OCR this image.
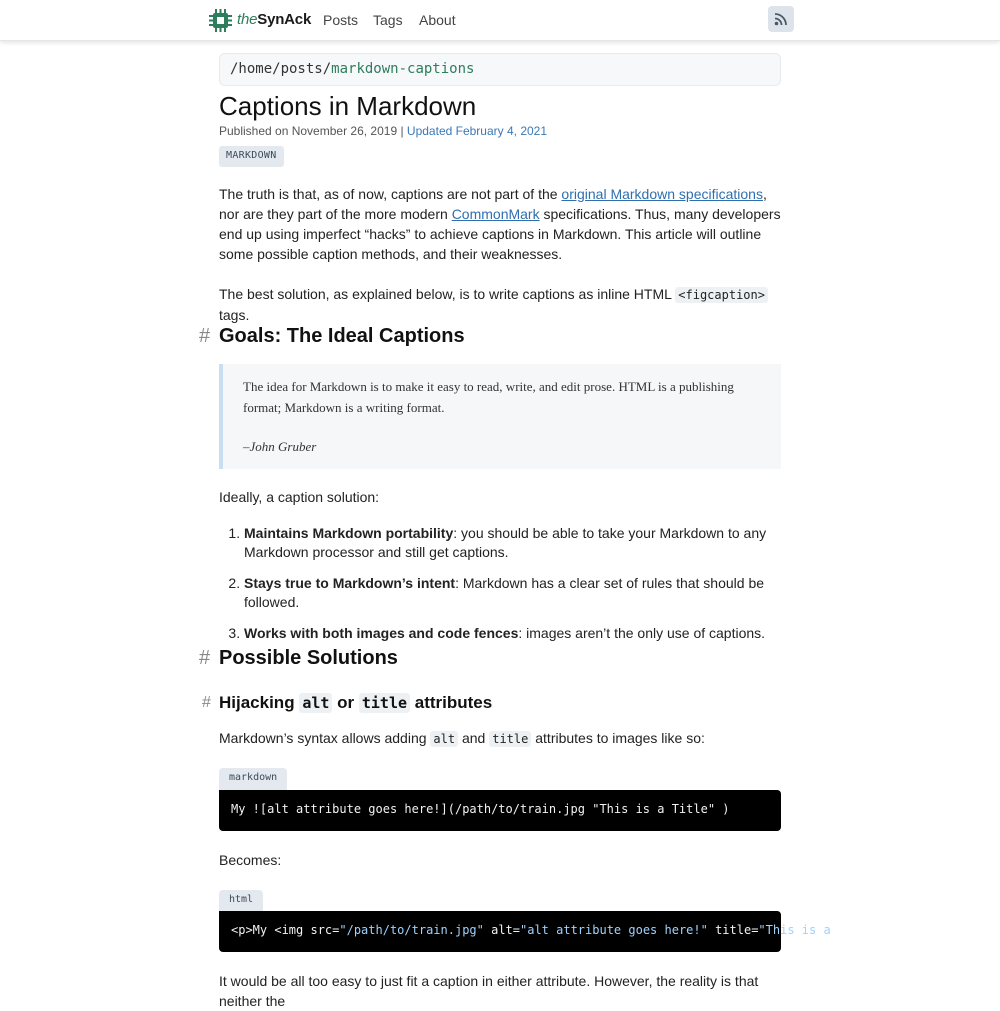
theSynAck Posts Tags About
/home/posts/markdown-captions
Captions in Markdown
Published on November 26, 2019 | Updated February 4, 2021
MARKDOWN
The truth is that, as of now, captions are not part of the original Markdown specifications, nor are they part of the more modern CommonMark specifications. Thus, many developers end up using imperfect “hacks” to achieve captions in Markdown. This article will outline some possible caption methods, and their weaknesses.
The best solution, as explained below, is to write captions as inline HTML <figcaption> tags.
# Goals: The Ideal Captions
The idea for Markdown is to make it easy to read, write, and edit prose. HTML is a publishing format; Markdown is a writing format.
–John Gruber
Ideally, a caption solution:
1. Maintains Markdown portability: you should be able to take your Markdown to any Markdown processor and still get captions.
2. Stays true to Markdown’s intent: Markdown has a clear set of rules that should be followed.
3. Works with both images and code fences: images aren’t the only use of captions.
# Possible Solutions
# Hijacking alt or title attributes
Markdown’s syntax allows adding alt and title attributes to images like so:
markdown
My ![alt attribute goes here!](/path/to/train.jpg "This is a Title" )
Becomes:
html
<p>My <img src="/path/to/train.jpg" alt="alt attribute goes here!" title="This is a
It would be all too easy to just fit a caption in either attribute. However, the reality is that neither the
